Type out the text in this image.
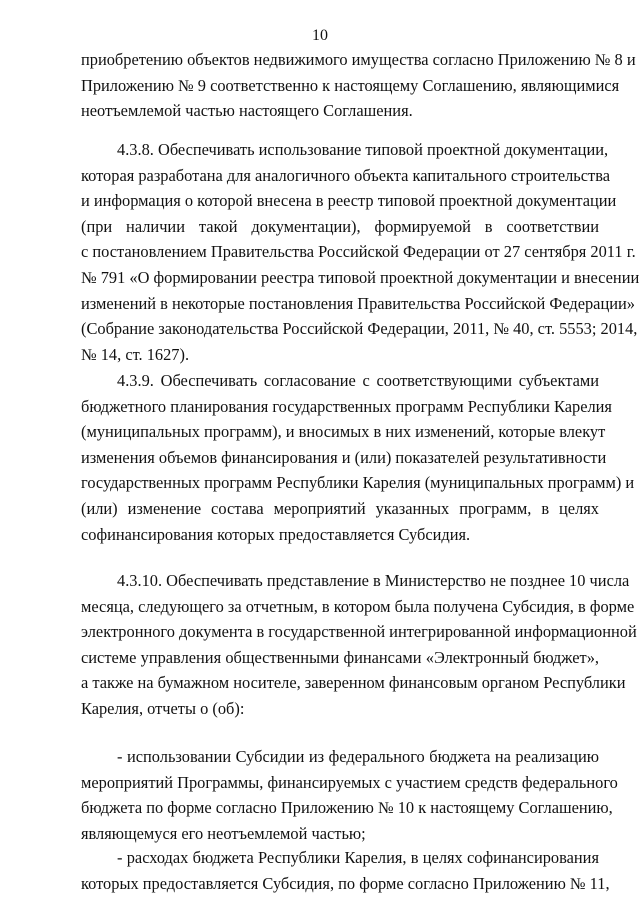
10
приобретению объектов недвижимого имущества согласно Приложению № 8 и
Приложению № 9 соответственно к настоящему Соглашению, являющимися
неотъемлемой частью настоящего Соглашения.
4.3.8. Обеспечивать использование типовой проектной документации,
которая разработана для аналогичного объекта капитального строительства
и информация о которой внесена в реестр типовой проектной документации
(при наличии такой документации), формируемой в соответствии
с постановлением Правительства Российской Федерации от 27 сентября 2011 г.
№ 791 «О формировании реестра типовой проектной документации и внесении
изменений в некоторые постановления Правительства Российской Федерации»
(Собрание законодательства Российской Федерации, 2011, № 40, ст. 5553; 2014,
№ 14, ст. 1627).
4.3.9. Обеспечивать согласование с соответствующими субъектами
бюджетного планирования государственных программ Республики Карелия
(муниципальных программ), и вносимых в них изменений, которые влекут
изменения объемов финансирования и (или) показателей результативности
государственных программ Республики Карелия (муниципальных программ) и
(или) изменение состава мероприятий указанных программ, в целях
софинансирования которых предоставляется Субсидия.
4.3.10. Обеспечивать представление в Министерство не позднее 10 числа
месяца, следующего за отчетным, в котором была получена Субсидия, в форме
электронного документа в государственной интегрированной информационной
системе управления общественными финансами «Электронный бюджет»,
а также на бумажном носителе, заверенном финансовым органом Республики
Карелия, отчеты о (об):
- использовании Субсидии из федерального бюджета на реализацию
мероприятий Программы, финансируемых с участием средств федерального
бюджета по форме согласно Приложению № 10 к настоящему Соглашению,
являющемуся его неотъемлемой частью;
- расходах бюджета Республики Карелия, в целях софинансирования
которых предоставляется Субсидия, по форме согласно Приложению № 11,
